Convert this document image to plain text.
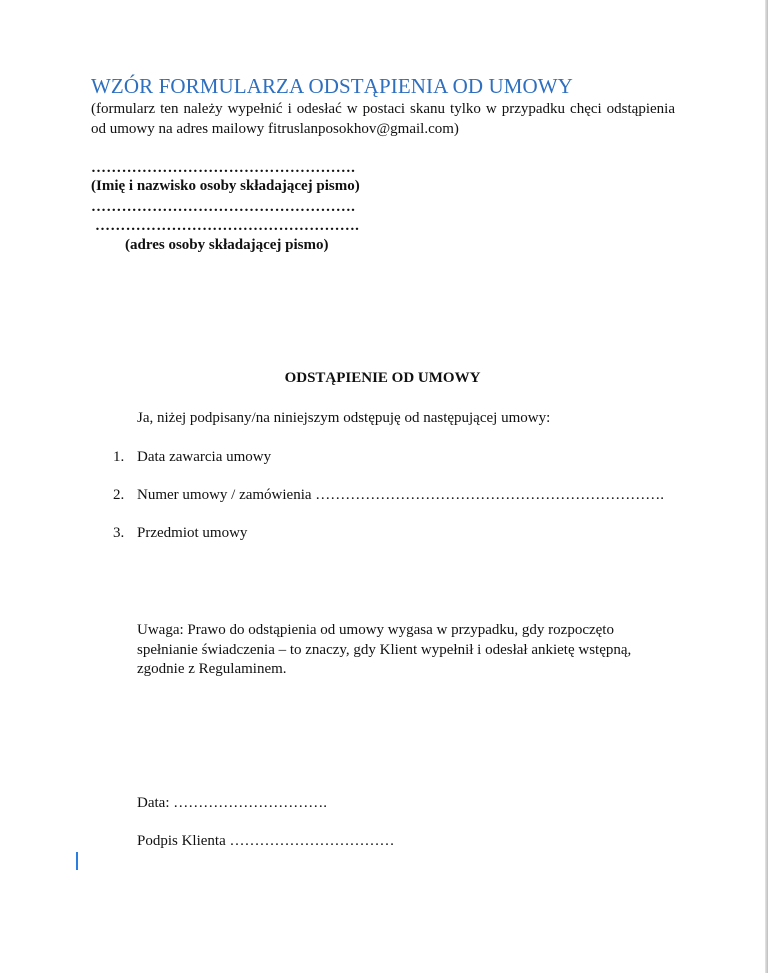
WZÓR FORMULARZA ODSTĄPIENIA OD UMOWY
(formularz ten należy wypełnić i odesłać w postaci skanu tylko w przypadku chęci odstąpienia od umowy na adres mailowy fitruslanposokhov@gmail.com)
…………………………………………….
(Imię i nazwisko osoby składającej pismo)
…………………………………………….
…………………………………………….
(adres osoby składającej pismo)
ODSTĄPIENIE OD UMOWY
Ja, niżej podpisany/na niniejszym odstępuję od następującej umowy:
1. Data zawarcia umowy
2. Numer umowy / zamówienia …………………………………………………………….
3. Przedmiot umowy
Uwaga: Prawo do odstąpienia od umowy wygasa w przypadku, gdy rozpoczęto spełnianie świadczenia – to znaczy, gdy Klient wypełnił i odesłał ankietę wstępną, zgodnie z Regulaminem.
Data: ………………………….
Podpis Klienta ……………………………
